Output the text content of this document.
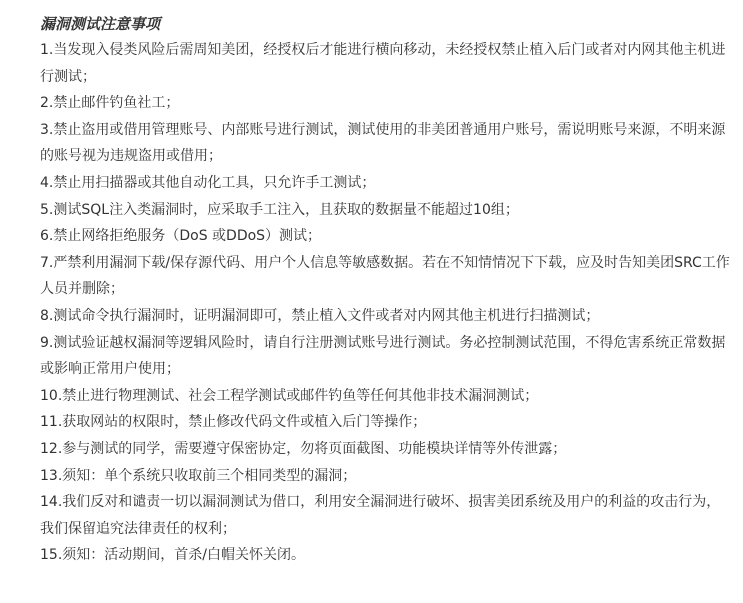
漏洞测试注意事项
1.当发现入侵类风险后需周知美团，经授权后才能进行横向移动，未经授权禁止植入后门或者对内网其他主机进行测试；
2.禁止邮件钓鱼社工；
3.禁止盗用或借用管理账号、内部账号进行测试，测试使用的非美团普通用户账号，需说明账号来源，不明来源的账号视为违规盗用或借用；
4.禁止用扫描器或其他自动化工具，只允许手工测试；
5.测试SQL注入类漏洞时，应采取手工注入，且获取的数据量不能超过10组；
6.禁止网络拒绝服务（DoS 或DDoS）测试；
7.严禁利用漏洞下载/保存源代码、用户个人信息等敏感数据。若在不知情情况下下载，应及时告知美团SRC工作人员并删除；
8.测试命令执行漏洞时，证明漏洞即可，禁止植入文件或者对内网其他主机进行扫描测试；
9.测试验证越权漏洞等逻辑风险时，请自行注册测试账号进行测试。务必控制测试范围，不得危害系统正常数据或影响正常用户使用；
10.禁止进行物理测试、社会工程学测试或邮件钓鱼等任何其他非技术漏洞测试；
11.获取网站的权限时，禁止修改代码文件或植入后门等操作；
12.参与测试的同学，需要遵守保密协定，勿将页面截图、功能模块详情等外传泄露；
13.须知：单个系统只收取前三个相同类型的漏洞；
14.我们反对和谴责一切以漏洞测试为借口，利用安全漏洞进行破坏、损害美团系统及用户的利益的攻击行为，我们保留追究法律责任的权利；
15.须知：活动期间，首杀/白帽关怀关闭。
